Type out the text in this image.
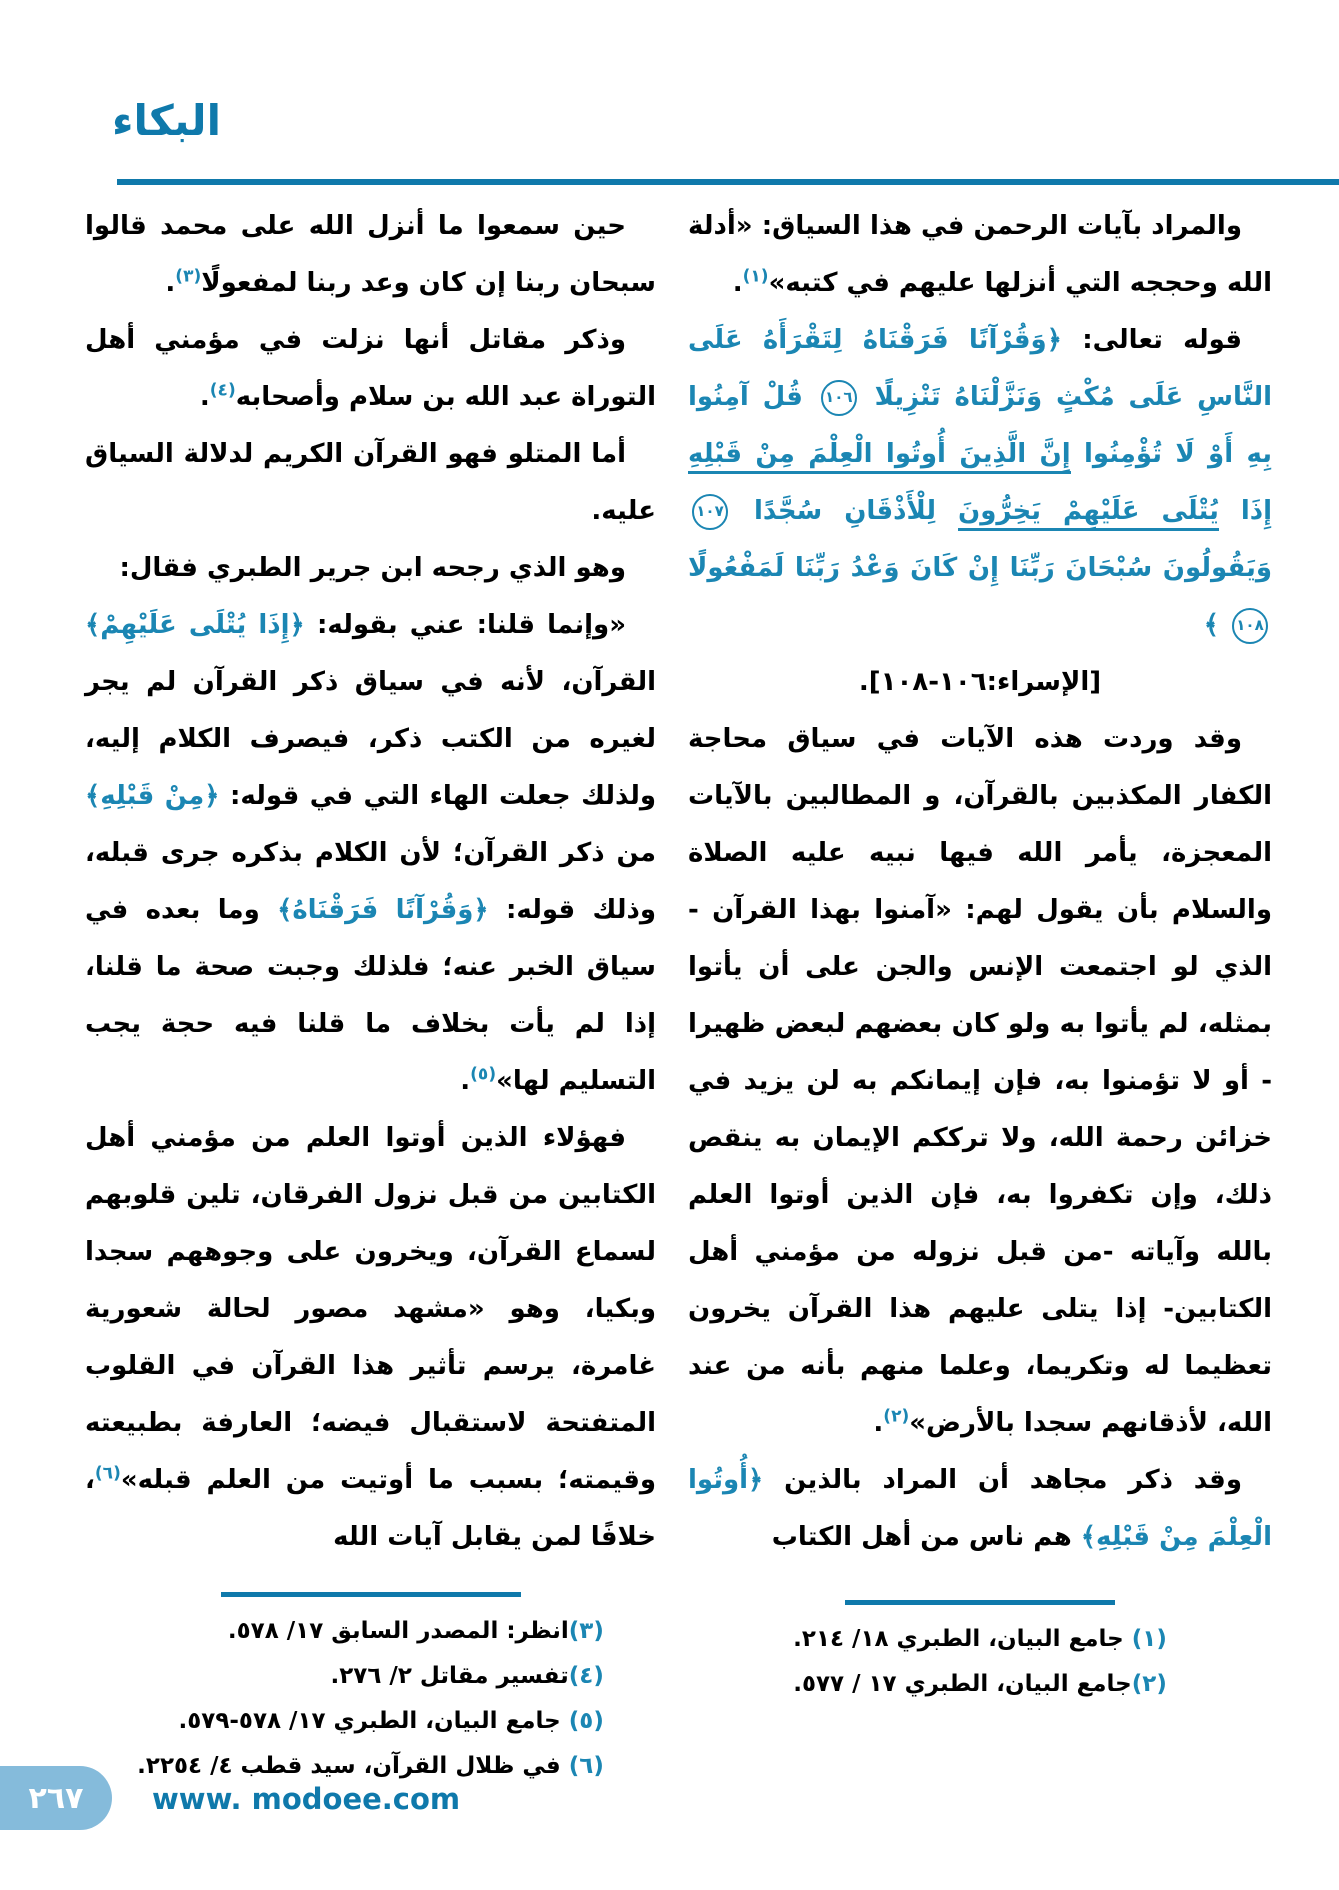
البكاء

والمراد بآيات الرحمن في هذا السياق: «أدلة الله وحججه التي أنزلها عليهم في كتبه»$^{(١)}$.

قوله تعالى: ﴿وَقُرْآنًا فَرَقْنَاهُ لِتَقْرَأَهُ عَلَى النَّاسِ عَلَى مُكْثٍ وَنَزَّلْنَاهُ تَنْزِيلًا ١٠٦ قُلْ آمِنُوا بِهِ أَوْ لَا تُؤْمِنُوا إِنَّ الَّذِينَ أُوتُوا الْعِلْمَ مِنْ قَبْلِهِ إِذَا يُتْلَى عَلَيْهِمْ يَخِرُّونَ لِلْأَذْقَانِ سُجَّدًا ١٠٧ وَيَقُولُونَ سُبْحَانَ رَبِّنَا إِنْ كَانَ وَعْدُ رَبِّنَا لَمَفْعُولًا ١٠٨ ﴾

[الإسراء:١٠٦-١٠٨].

وقد وردت هذه الآيات في سياق محاجة الكفار المكذبين بالقرآن، و المطالبين بالآيات المعجزة، يأمر الله فيها نبيه عليه الصلاة والسلام بأن يقول لهم: «آمنوا بهذا القرآن - الذي لو اجتمعت الإنس والجن على أن يأتوا بمثله، لم يأتوا به ولو كان بعضهم لبعض ظهيرا - أو لا تؤمنوا به، فإن إيمانكم به لن يزيد في خزائن رحمة الله، ولا ترككم الإيمان به ينقص ذلك، وإن تكفروا به، فإن الذين أوتوا العلم بالله وآياته -من قبل نزوله من مؤمني أهل الكتابين- إذا يتلى عليهم هذا القرآن يخرون تعظيما له وتكريما، وعلما منهم بأنه من عند الله، لأذقانهم سجدا بالأرض»$^{(٢)}$.

وقد ذكر مجاهد أن المراد بالذين ﴿أُوتُوا الْعِلْمَ مِنْ قَبْلِهِ﴾ هم ناس من أهل الكتاب

(١) جامع البيان، الطبري ١٨/ ٢١٤.
(٢)جامع البيان، الطبري ١٧ / ٥٧٧.

حين سمعوا ما أنزل الله على محمد قالوا سبحان ربنا إن كان وعد ربنا لمفعولًا$^{(٣)}$.

وذكر مقاتل أنها نزلت في مؤمني أهل التوراة عبد الله بن سلام وأصحابه$^{(٤)}$.

أما المتلو فهو القرآن الكريم لدلالة السياق عليه.

وهو الذي رجحه ابن جرير الطبري فقال:

«وإنما قلنا: عني بقوله: ﴿إِذَا يُتْلَى عَلَيْهِمْ﴾ القرآن، لأنه في سياق ذكر القرآن لم يجر لغيره من الكتب ذكر، فيصرف الكلام إليه، ولذلك جعلت الهاء التي في قوله: ﴿مِنْ قَبْلِهِ﴾ من ذكر القرآن؛ لأن الكلام بذكره جرى قبله، وذلك قوله: ﴿وَقُرْآنًا فَرَقْنَاهُ﴾ وما بعده في سياق الخبر عنه؛ فلذلك وجبت صحة ما قلنا، إذا لم يأت بخلاف ما قلنا فيه حجة يجب التسليم لها»$^{(٥)}$.

فهؤلاء الذين أوتوا العلم من مؤمني أهل الكتابين من قبل نزول الفرقان، تلين قلوبهم لسماع القرآن، ويخرون على وجوههم سجدا وبكيا، وهو «مشهد مصور لحالة شعورية غامرة، يرسم تأثير هذا القرآن في القلوب المتفتحة لاستقبال فيضه؛ العارفة بطبيعته وقيمته؛ بسبب ما أوتيت من العلم قبله»$^{(٦)}$، خلافًا لمن يقابل آيات الله

(٣)انظر: المصدر السابق ١٧/ ٥٧٨.
(٤)تفسير مقاتل ٢/ ٢٧٦.
(٥) جامع البيان، الطبري ١٧/ ٥٧٨-٥٧٩.
(٦) في ظلال القرآن، سيد قطب ٤/ ٢٢٥٤.
٢٦٧	www. modoee.com
